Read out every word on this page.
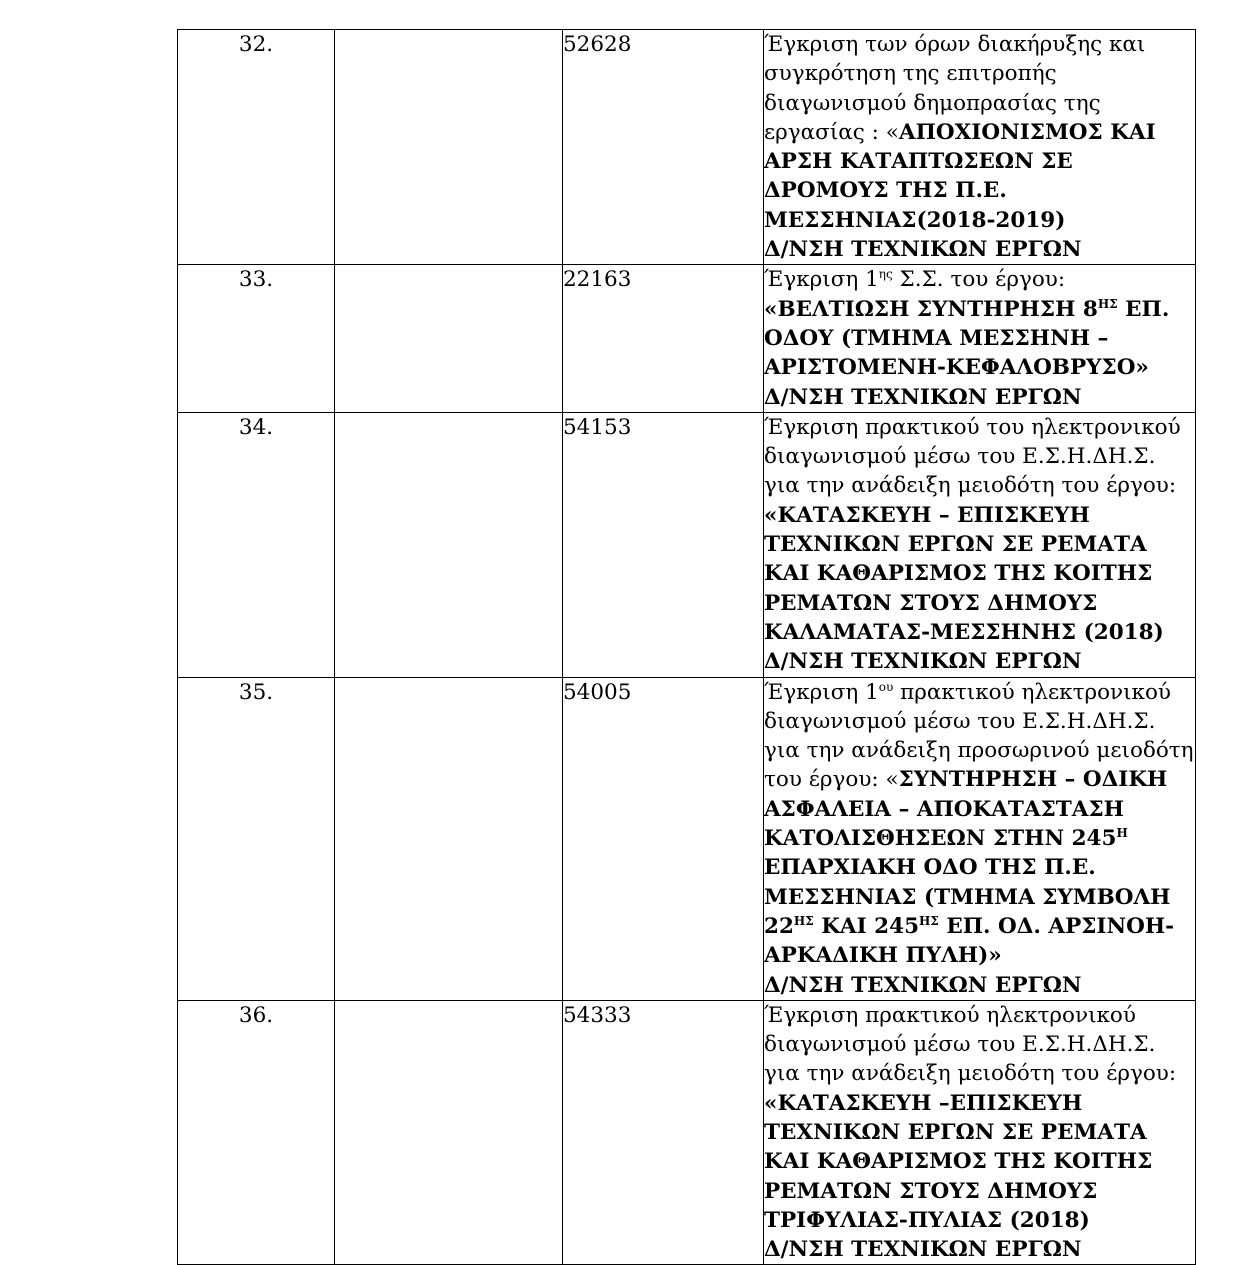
32.		52628	Έγκριση των όρων διακήρυξης και συγκρότηση της επιτροπής διαγωνισμού δημοπρασίας της εργασίας : «ΑΠΟΧΙΟΝΙΣΜΟΣ ΚΑΙ ΑΡΣΗ ΚΑΤΑΠΤΩΣΕΩΝ ΣΕ ΔΡΟΜΟΥΣ ΤΗΣ Π.Ε. ΜΕΣΣΗΝΙΑΣ(2018-2019)
Δ/ΝΣΗ ΤΕΧΝΙΚΩΝ ΕΡΓΩΝ

33.		22163	Έγκριση $1^{\eta\varsigma}$ Σ.Σ. του έργου: «ΒΕΛΤΙΩΣΗ ΣΥΝΤΗΡΗΣΗ $8^{H\Sigma}$ ΕΠ. ΟΔΟΥ (ΤΜΗΜΑ ΜΕΣΣΗΝΗ – ΑΡΙΣΤΟΜΕΝΗ-ΚΕΦΑΛΟΒΡΥΣΟ»
Δ/ΝΣΗ ΤΕΧΝΙΚΩΝ ΕΡΓΩΝ

34.		54153	Έγκριση πρακτικού του ηλεκτρονικού διαγωνισμού μέσω του Ε.Σ.Η.ΔΗ.Σ. για την ανάδειξη μειοδότη του έργου: «ΚΑΤΑΣΚΕΥΗ – ΕΠΙΣΚΕΥΗ ΤΕΧΝΙΚΩΝ ΕΡΓΩΝ ΣΕ ΡΕΜΑΤΑ ΚΑΙ ΚΑΘΑΡΙΣΜΟΣ ΤΗΣ ΚΟΙΤΗΣ ΡΕΜΑΤΩΝ ΣΤΟΥΣ ΔΗΜΟΥΣ ΚΑΛΑΜΑΤΑΣ-ΜΕΣΣΗΝΗΣ (2018)
Δ/ΝΣΗ ΤΕΧΝΙΚΩΝ ΕΡΓΩΝ

35.		54005	Έγκριση $1^{o\upsilon}$ πρακτικού ηλεκτρονικού διαγωνισμού μέσω του Ε.Σ.Η.ΔΗ.Σ. για την ανάδειξη προσωρινού μειοδότη του έργου: «ΣΥΝΤΗΡΗΣΗ – ΟΔΙΚΗ ΑΣΦΑΛΕΙΑ – ΑΠΟΚΑΤΑΣΤΑΣΗ ΚΑΤΟΛΙΣΘΗΣΕΩΝ ΣΤΗΝ $245^H$ ΕΠΑΡΧΙΑΚΗ ΟΔΟ ΤΗΣ Π.Ε. ΜΕΣΣΗΝΙΑΣ (ΤΜΗΜΑ ΣΥΜΒΟΛΗ $22^{H\Sigma}$ ΚΑΙ $245^{H\Sigma}$ ΕΠ. ΟΔ. ΑΡΣΙΝΟΗ-ΑΡΚΑΔΙΚΗ ΠΥΛΗ)»
Δ/ΝΣΗ ΤΕΧΝΙΚΩΝ ΕΡΓΩΝ

36.		54333	Έγκριση πρακτικού ηλεκτρονικού διαγωνισμού μέσω του Ε.Σ.Η.ΔΗ.Σ. για την ανάδειξη μειοδότη του έργου: «ΚΑΤΑΣΚΕΥΗ –ΕΠΙΣΚΕΥΗ ΤΕΧΝΙΚΩΝ ΕΡΓΩΝ ΣΕ ΡΕΜΑΤΑ ΚΑΙ ΚΑΘΑΡΙΣΜΟΣ ΤΗΣ ΚΟΙΤΗΣ ΡΕΜΑΤΩΝ ΣΤΟΥΣ ΔΗΜΟΥΣ ΤΡΙΦΥΛΙΑΣ-ΠΥΛΙΑΣ (2018)
Δ/ΝΣΗ ΤΕΧΝΙΚΩΝ ΕΡΓΩΝ
